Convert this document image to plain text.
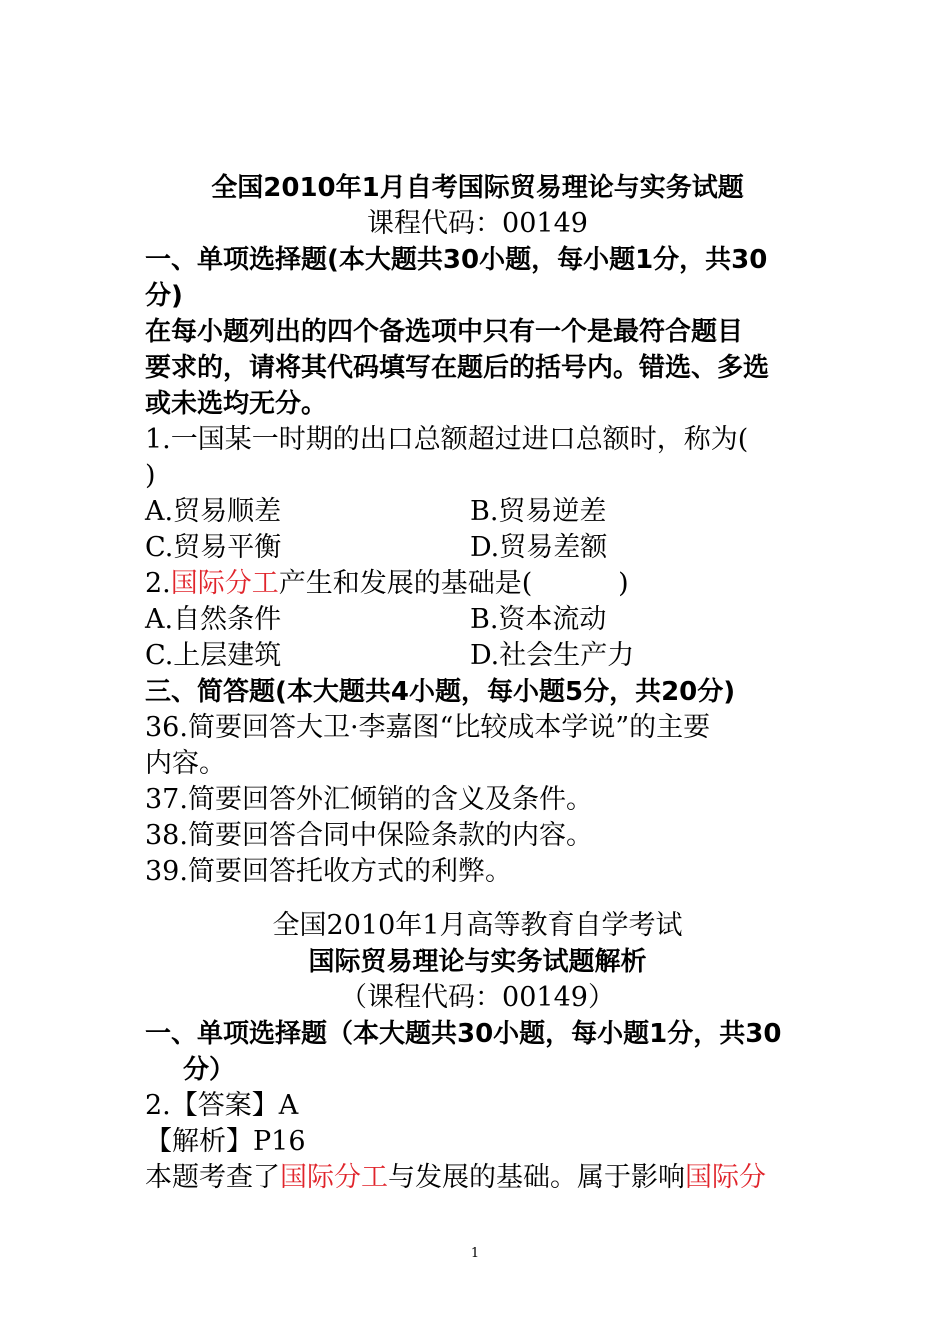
全国2010年1月自考国际贸易理论与实务试题

课程代码：00149

一、单项选择题(本大题共30小题，每小题1分，共30

分)

在每小题列出的四个备选项中只有一个是最符合题目

要求的，请将其代码填写在题后的括号内。错选、多选

或未选均无分。

1.一国某一时期的出口总额超过进口总额时，称为(

)

A.贸易顺差	B.贸易逆差
C.贸易平衡	D.贸易差额

2.国际分工产生和发展的基础是(          )

A.自然条件	B.资本流动
C.上层建筑	D.社会生产力

三、简答题(本大题共4小题，每小题5分，共20分)

36.简要回答大卫·李嘉图“比较成本学说”的主要

内容。

37.简要回答外汇倾销的含义及条件。

38.简要回答合同中保险条款的内容。

39.简要回答托收方式的利弊。

全国2010年1月高等教育自学考试

国际贸易理论与实务试题解析

（课程代码：00149）

一、单项选择题（本大题共30小题，每小题1分，共30

分）

2.【答案】A

【解析】P16

本题考查了国际分工与发展的基础。属于影响国际分

1
